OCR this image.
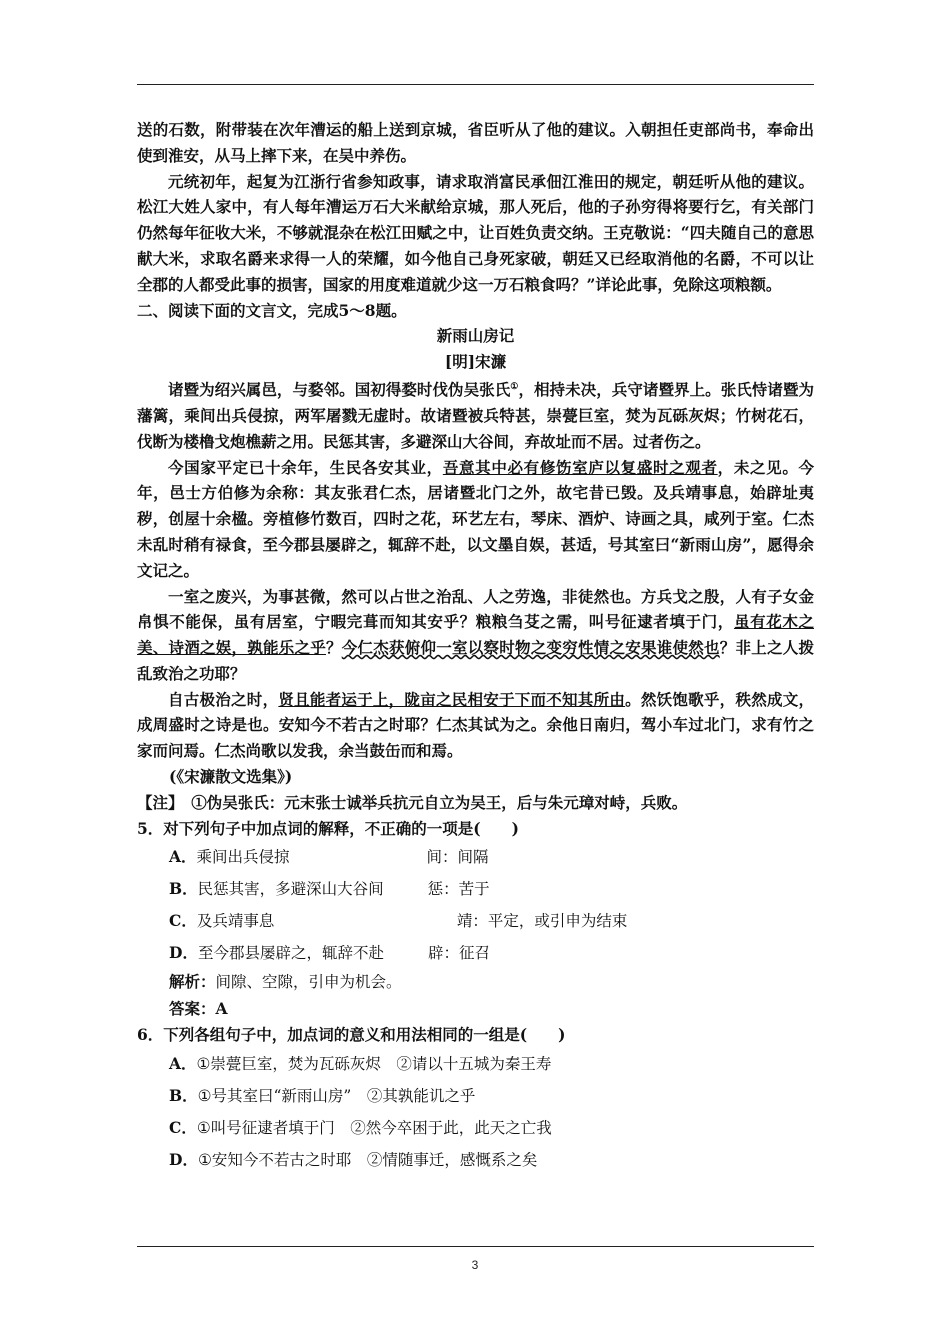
送的石数，附带装在次年漕运的船上送到京城，省臣听从了他的建议。入朝担任吏部尚书，奉命出使到淮安，从马上摔下来，在吴中养伤。

元统初年，起复为江浙行省参知政事，请求取消富民承佃江淮田的规定，朝廷听从他的建议。松江大姓人家中，有人每年漕运万石大米献给京城，那人死后，他的子孙穷得将要行乞，有关部门仍然每年征收大米，不够就混杂在松江田赋之中，让百姓负责交纳。王克敬说：“四夫随自己的意思献大米，求取名爵来求得一人的荣耀，如今他自己身死家破，朝廷又已经取消他的名爵，不可以让全郡的人都受此事的损害，国家的用度难道就少这一万石粮食吗？”详论此事，免除这项粮额。

二、阅读下面的文言文，完成5～8题。

新雨山房记

[明]宋濂

诸暨为绍兴属邑，与婺邻。国初得婺时伐伪吴张氏①，相持未决，兵守诸暨界上。张氏恃诸暨为藩篱，乘间出兵侵掠，两军屠戮无虚时。故诸暨被兵特甚，崇甍巨室，焚为瓦砾灰烬；竹树花石，伐断为楼橹戈炮樵薪之用。民惩其害，多避深山大谷间，弃故址而不居。过者伤之。

今国家平定已十余年，生民各安其业，吾意其中必有修饬室庐以复盛时之观者，未之见。今年，邑士方伯修为余称：其友张君仁杰，居诸暨北门之外，故宅昔已毁。及兵靖事息，始辟址夷秽，创屋十余楹。旁植修竹数百，四时之花，环艺左右，琴床、酒炉、诗画之具，咸列于室。仁杰未乱时稍有禄食，至今郡县屡辟之，辄辞不赴，以文墨自娱，甚适，号其室曰“新雨山房”，愿得余文记之。

一室之废兴，为事甚微，然可以占世之治乱、人之劳逸，非徒然也。方兵戈之殷，人有子女金帛惧不能保，虽有居室，宁暇完葺而知其安乎？粮粮刍芟之需，叫号征逮者填于门，虽有花木之美、诗酒之娱，孰能乐之乎？今仁杰获俯仰一室以察时物之变穷性情之安果谁使然也？非上之人拨乱致治之功耶？

自古极治之时，贤且能者运于上，陇亩之民相安于下而不知其所由。然饫饱歌乎，秩然成文，成周盛时之诗是也。安知今不若古之时耶？仁杰其试为之。余他日南归，驾小车过北门，求有竹之家而问焉。仁杰尚歌以发我，余当鼓缶而和焉。

(《宋濂散文选集》)

【注】　①伪吴张氏：元末张士诚举兵抗元自立为吴王，后与朱元璋对峙，兵败。

5．对下列句子中加点词的解释，不正确的一项是(　　)

A．乘间出兵侵掠	间：间隔

B．民惩其害，多避深山大谷间	惩：苦于

C．及兵靖事息	靖：平定，或引申为结束

D．至今郡县屡辟之，辄辞不赴	辟：征召

解析：间隙、空隙，引申为机会。

答案：A

6．下列各组句子中，加点词的意义和用法相同的一组是(　　)

A．①崇甍巨室，焚为瓦砾灰烬　②请以十五城为秦王寿

B．①号其室曰“新雨山房”　②其孰能讥之乎

C．①叫号征逮者填于门　②然今卒困于此，此天之亡我

D．①安知今不若古之时耶　②情随事迁，感慨系之矣

3
